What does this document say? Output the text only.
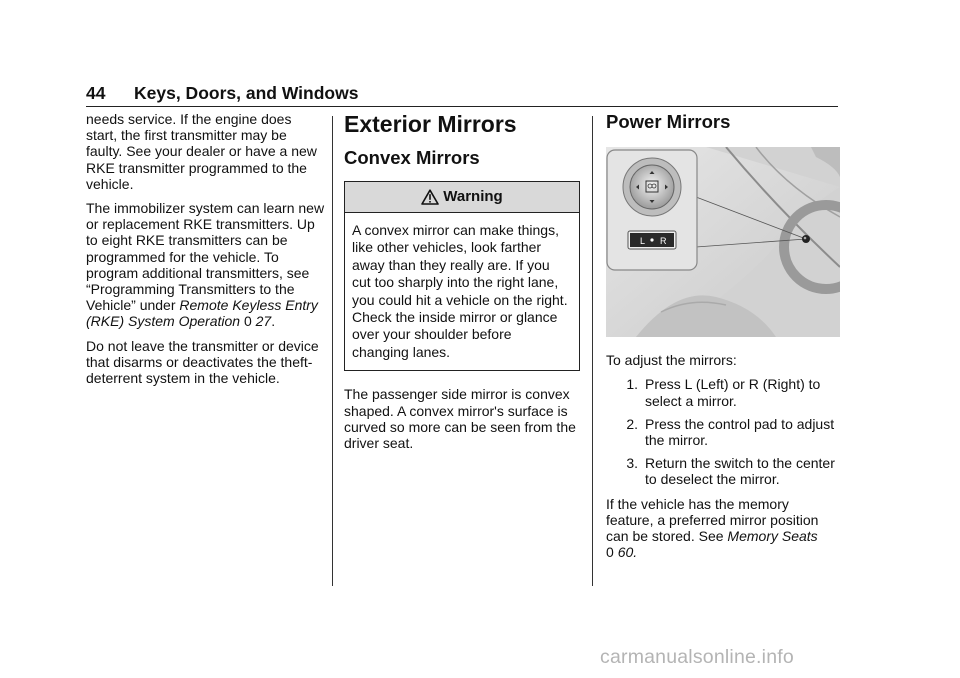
44 Keys, Doors, and Windows

needs service. If the engine does start, the first transmitter may be faulty. See your dealer or have a new RKE transmitter programmed to the vehicle.

The immobilizer system can learn new or replacement RKE transmitters. Up to eight RKE transmitters can be programmed for the vehicle. To program additional transmitters, see “Programming Transmitters to the Vehicle” under Remote Keyless Entry (RKE) System Operation 0 27.

Do not leave the transmitter or device that disarms or deactivates the theft-deterrent system in the vehicle.

Exterior Mirrors
Convex Mirrors
Warning
A convex mirror can make things, like other vehicles, look farther away than they really are. If you cut too sharply into the right lane, you could hit a vehicle on the right. Check the inside mirror or glance over your shoulder before changing lanes.

The passenger side mirror is convex shaped. A convex mirror's surface is curved so more can be seen from the driver seat.

Power Mirrors
L R

To adjust the mirrors:

1. Press L (Left) or R (Right) to select a mirror.
2. Press the control pad to adjust the mirror.
3. Return the switch to the center to deselect the mirror.

If the vehicle has the memory feature, a preferred mirror position can be stored. See Memory Seats
0 60.

carmanualsonline.info
